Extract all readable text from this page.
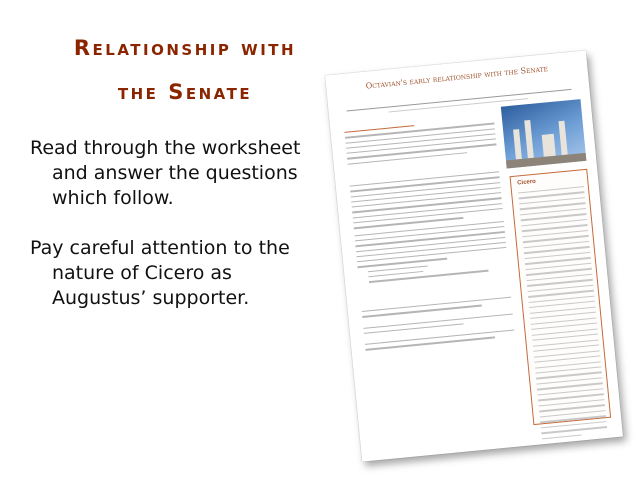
Relationship with
the Senate
Read through the worksheet and answer the questions which follow.
Pay careful attention to the nature of Cicero as Augustus’ supporter.
Octavian's early relationship with the Senate
Cicero
